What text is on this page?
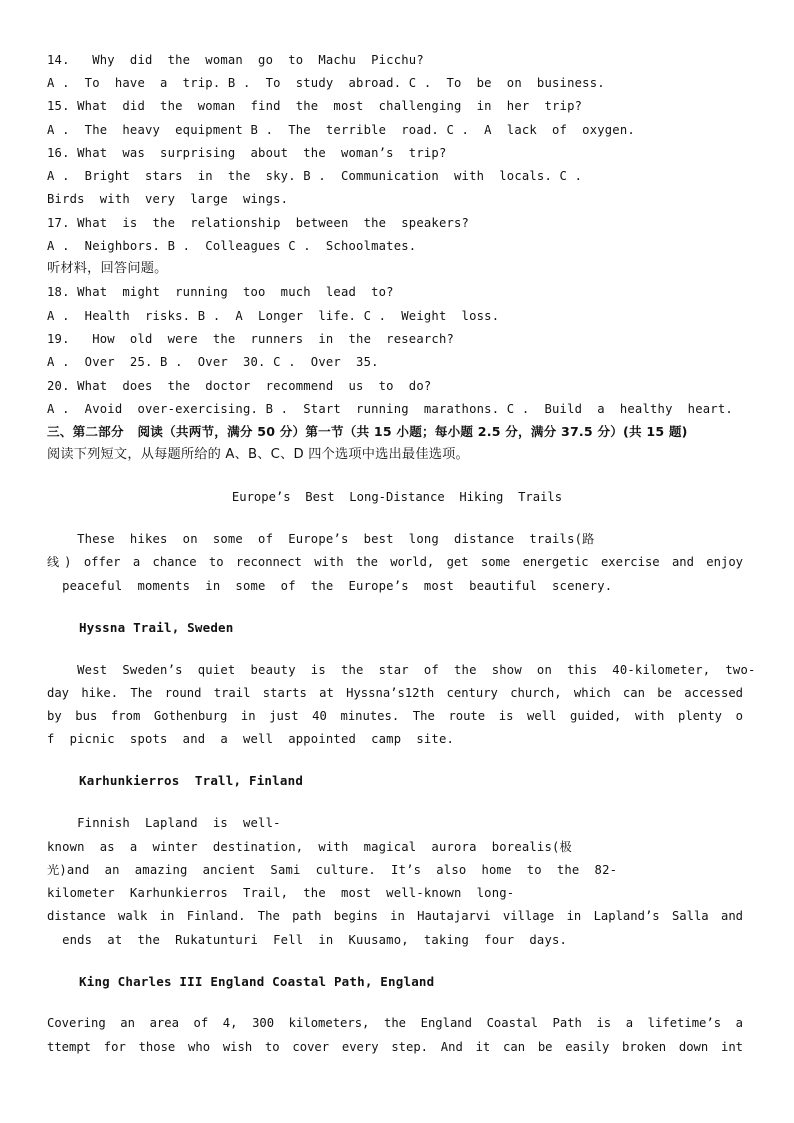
14.   Why  did  the  woman  go  to  Machu  Picchu?
A .  To  have  a  trip. B .  To  study  abroad. C .  To  be  on  business.
15. What  did  the  woman  find  the  most  challenging  in  her  trip?
A .  The  heavy  equipment B .  The  terrible  road. C .  A  lack  of  oxygen.
16. What  was  surprising  about  the  woman’s  trip?
A .  Bright  stars  in  the  sky. B .  Communication  with  locals. C .
Birds  with  very  large  wings.
17. What  is  the  relationship  between  the  speakers?
A .  Neighbors. B .  Colleagues C .  Schoolmates.
听材料，回答问题。
18. What  might  running  too  much  lead  to?
A .  Health  risks. B .  A  Longer  life. C .  Weight  loss.
19.   How  old  were  the  runners  in  the  research?
A .  Over  25. B .  Over  30. C .  Over  35.
20. What  does  the  doctor  recommend  us  to  do?
A .  Avoid  over-exercising. B .  Start  running  marathons. C .  Build  a  healthy  heart.
三、第二部分   阅读（共两节，满分 50 分）第一节（共 15 小题；每小题 2.5 分，满分 37.5 分）(共 15 题)
阅读下列短文，从每题所给的 A、B、C、D 四个选项中选出最佳选项。
Europe’s  Best  Long-Distance  Hiking  Trails
These  hikes  on  some  of  Europe’s  best  long  distance  trails(路
线) offer a chance to reconnect with the world, get some energetic exercise and enjoy
peaceful  moments  in  some  of  the  Europe’s  most  beautiful  scenery.
Hyssna Trail, Sweden
West  Sweden’s  quiet  beauty  is  the  star  of  the  show  on  this  40-kilometer,  two-
day hike. The round trail starts at Hyssna’s12th century church, which can be accessed
by bus from Gothenburg in just 40 minutes. The route is well guided, with plenty o
f  picnic  spots  and  a  well  appointed  camp  site.
Karhunkierros  Trall, Finland
Finnish  Lapland  is  well-
known  as  a  winter  destination,  with  magical  aurora  borealis(极
光)and  an  amazing  ancient  Sami  culture.  It’s  also  home  to  the  82-
kilometer  Karhunkierros  Trail,  the  most  well-known  long-
distance walk in Finland. The path begins in Hautajarvi village in Lapland’s Salla and
ends  at  the  Rukatunturi  Fell  in  Kuusamo,  taking  four  days.
King Charles III England Coastal Path, England
Covering an area of 4, 300 kilometers, the England Coastal Path is a lifetime’s a
ttempt for those who wish to cover every step. And it can be easily broken down int
